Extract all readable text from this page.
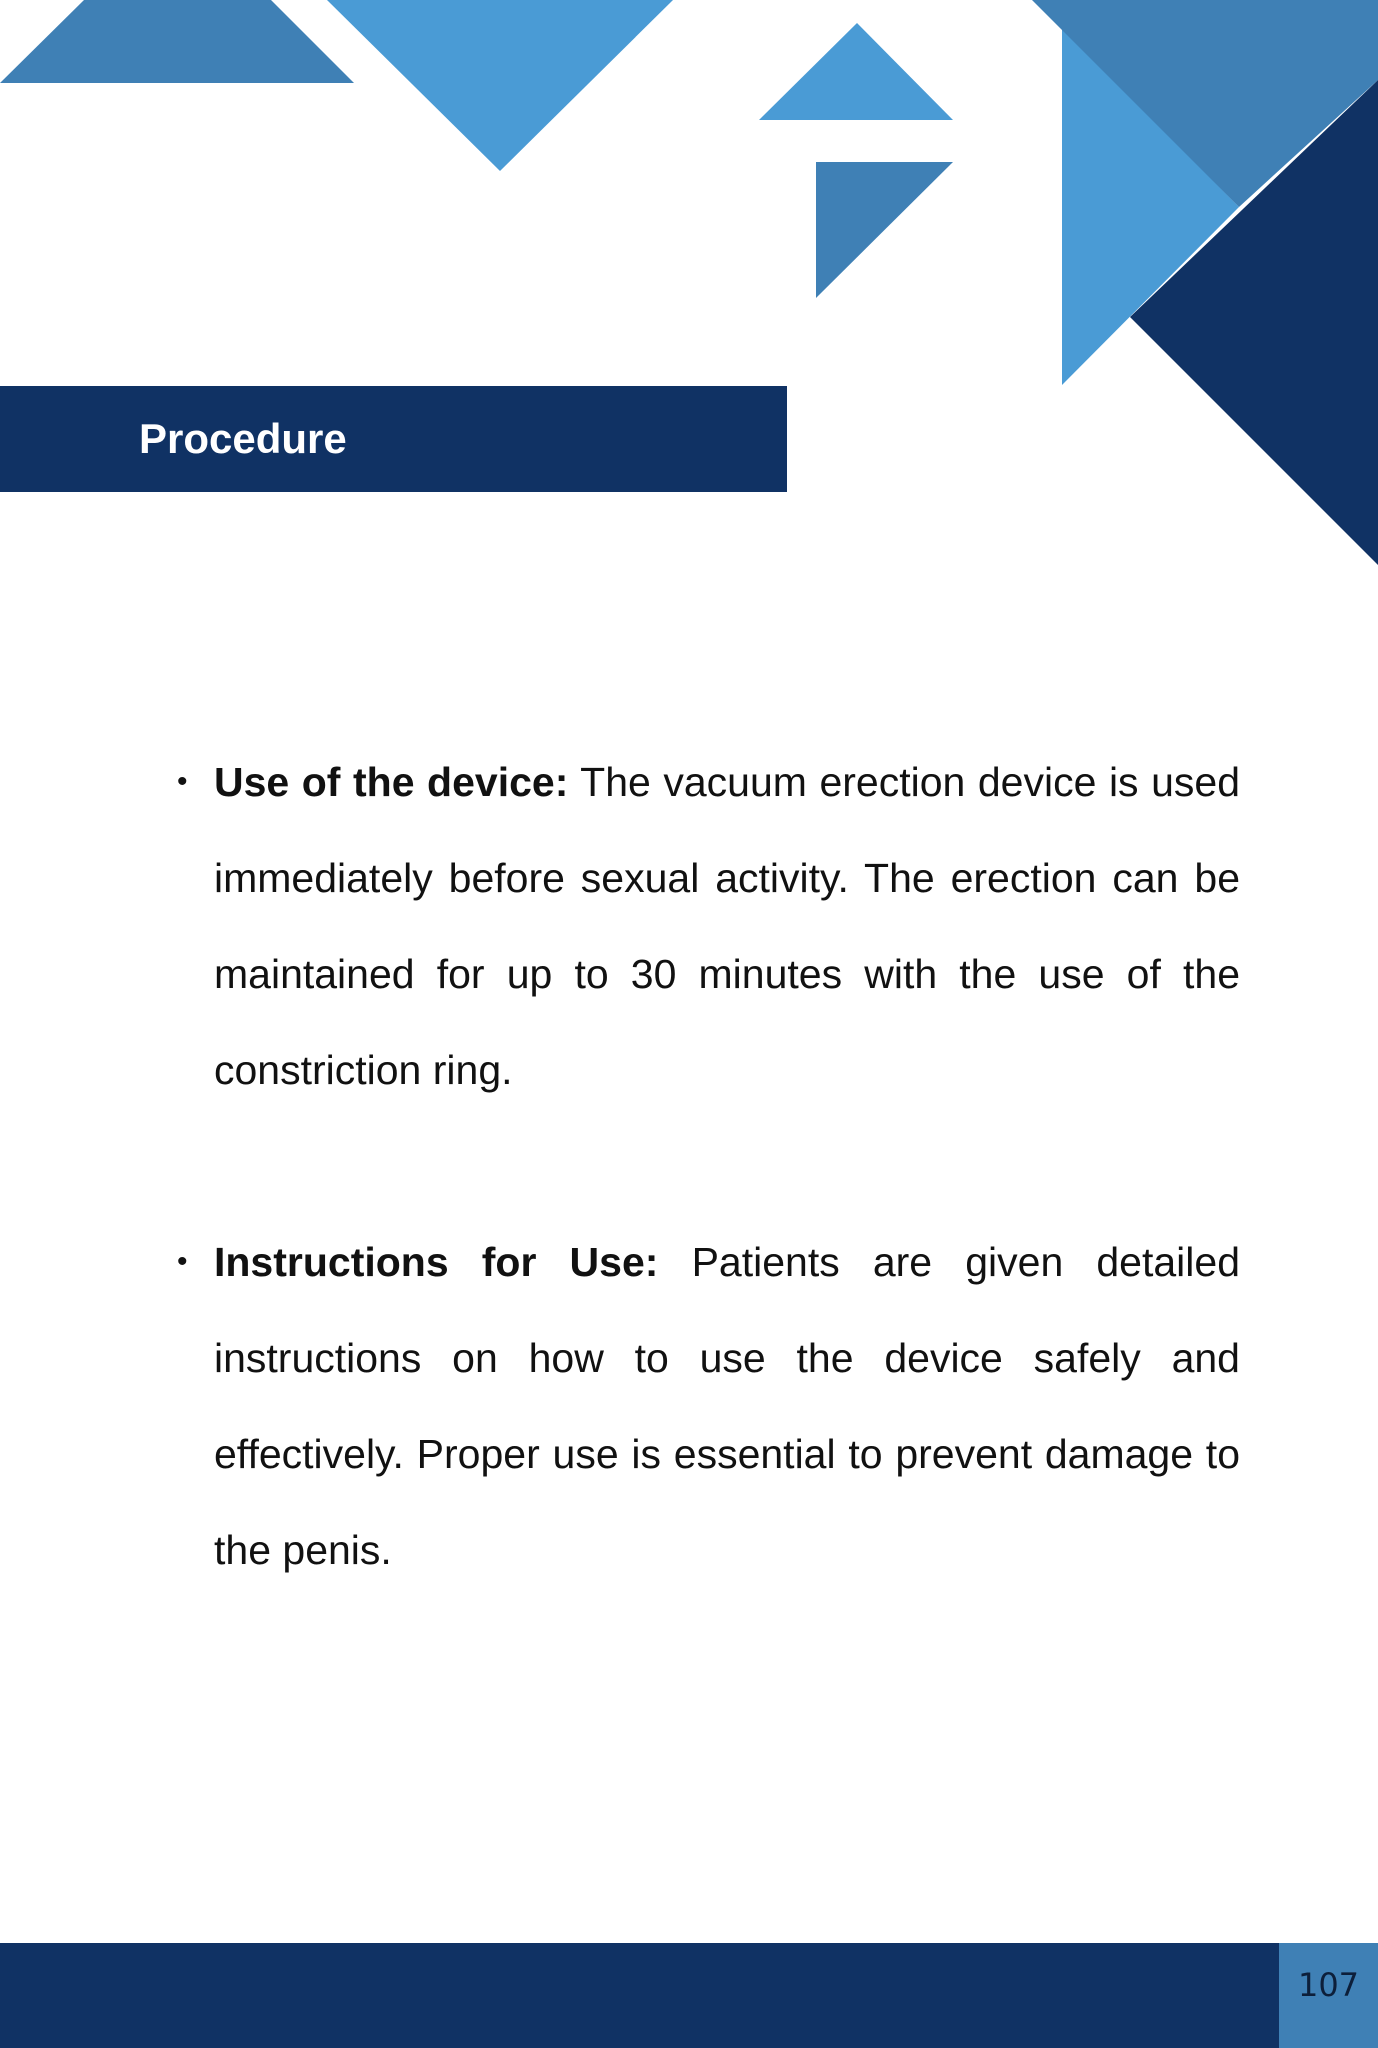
Procedure

• Use of the device: The vacuum erection device is used immediately before sexual activity. The erection can be maintained for up to 30 minutes with the use of the constriction ring.

• Instructions for Use: Patients are given detailed instructions on how to use the device safely and effectively. Proper use is essential to prevent damage to the penis.

107
